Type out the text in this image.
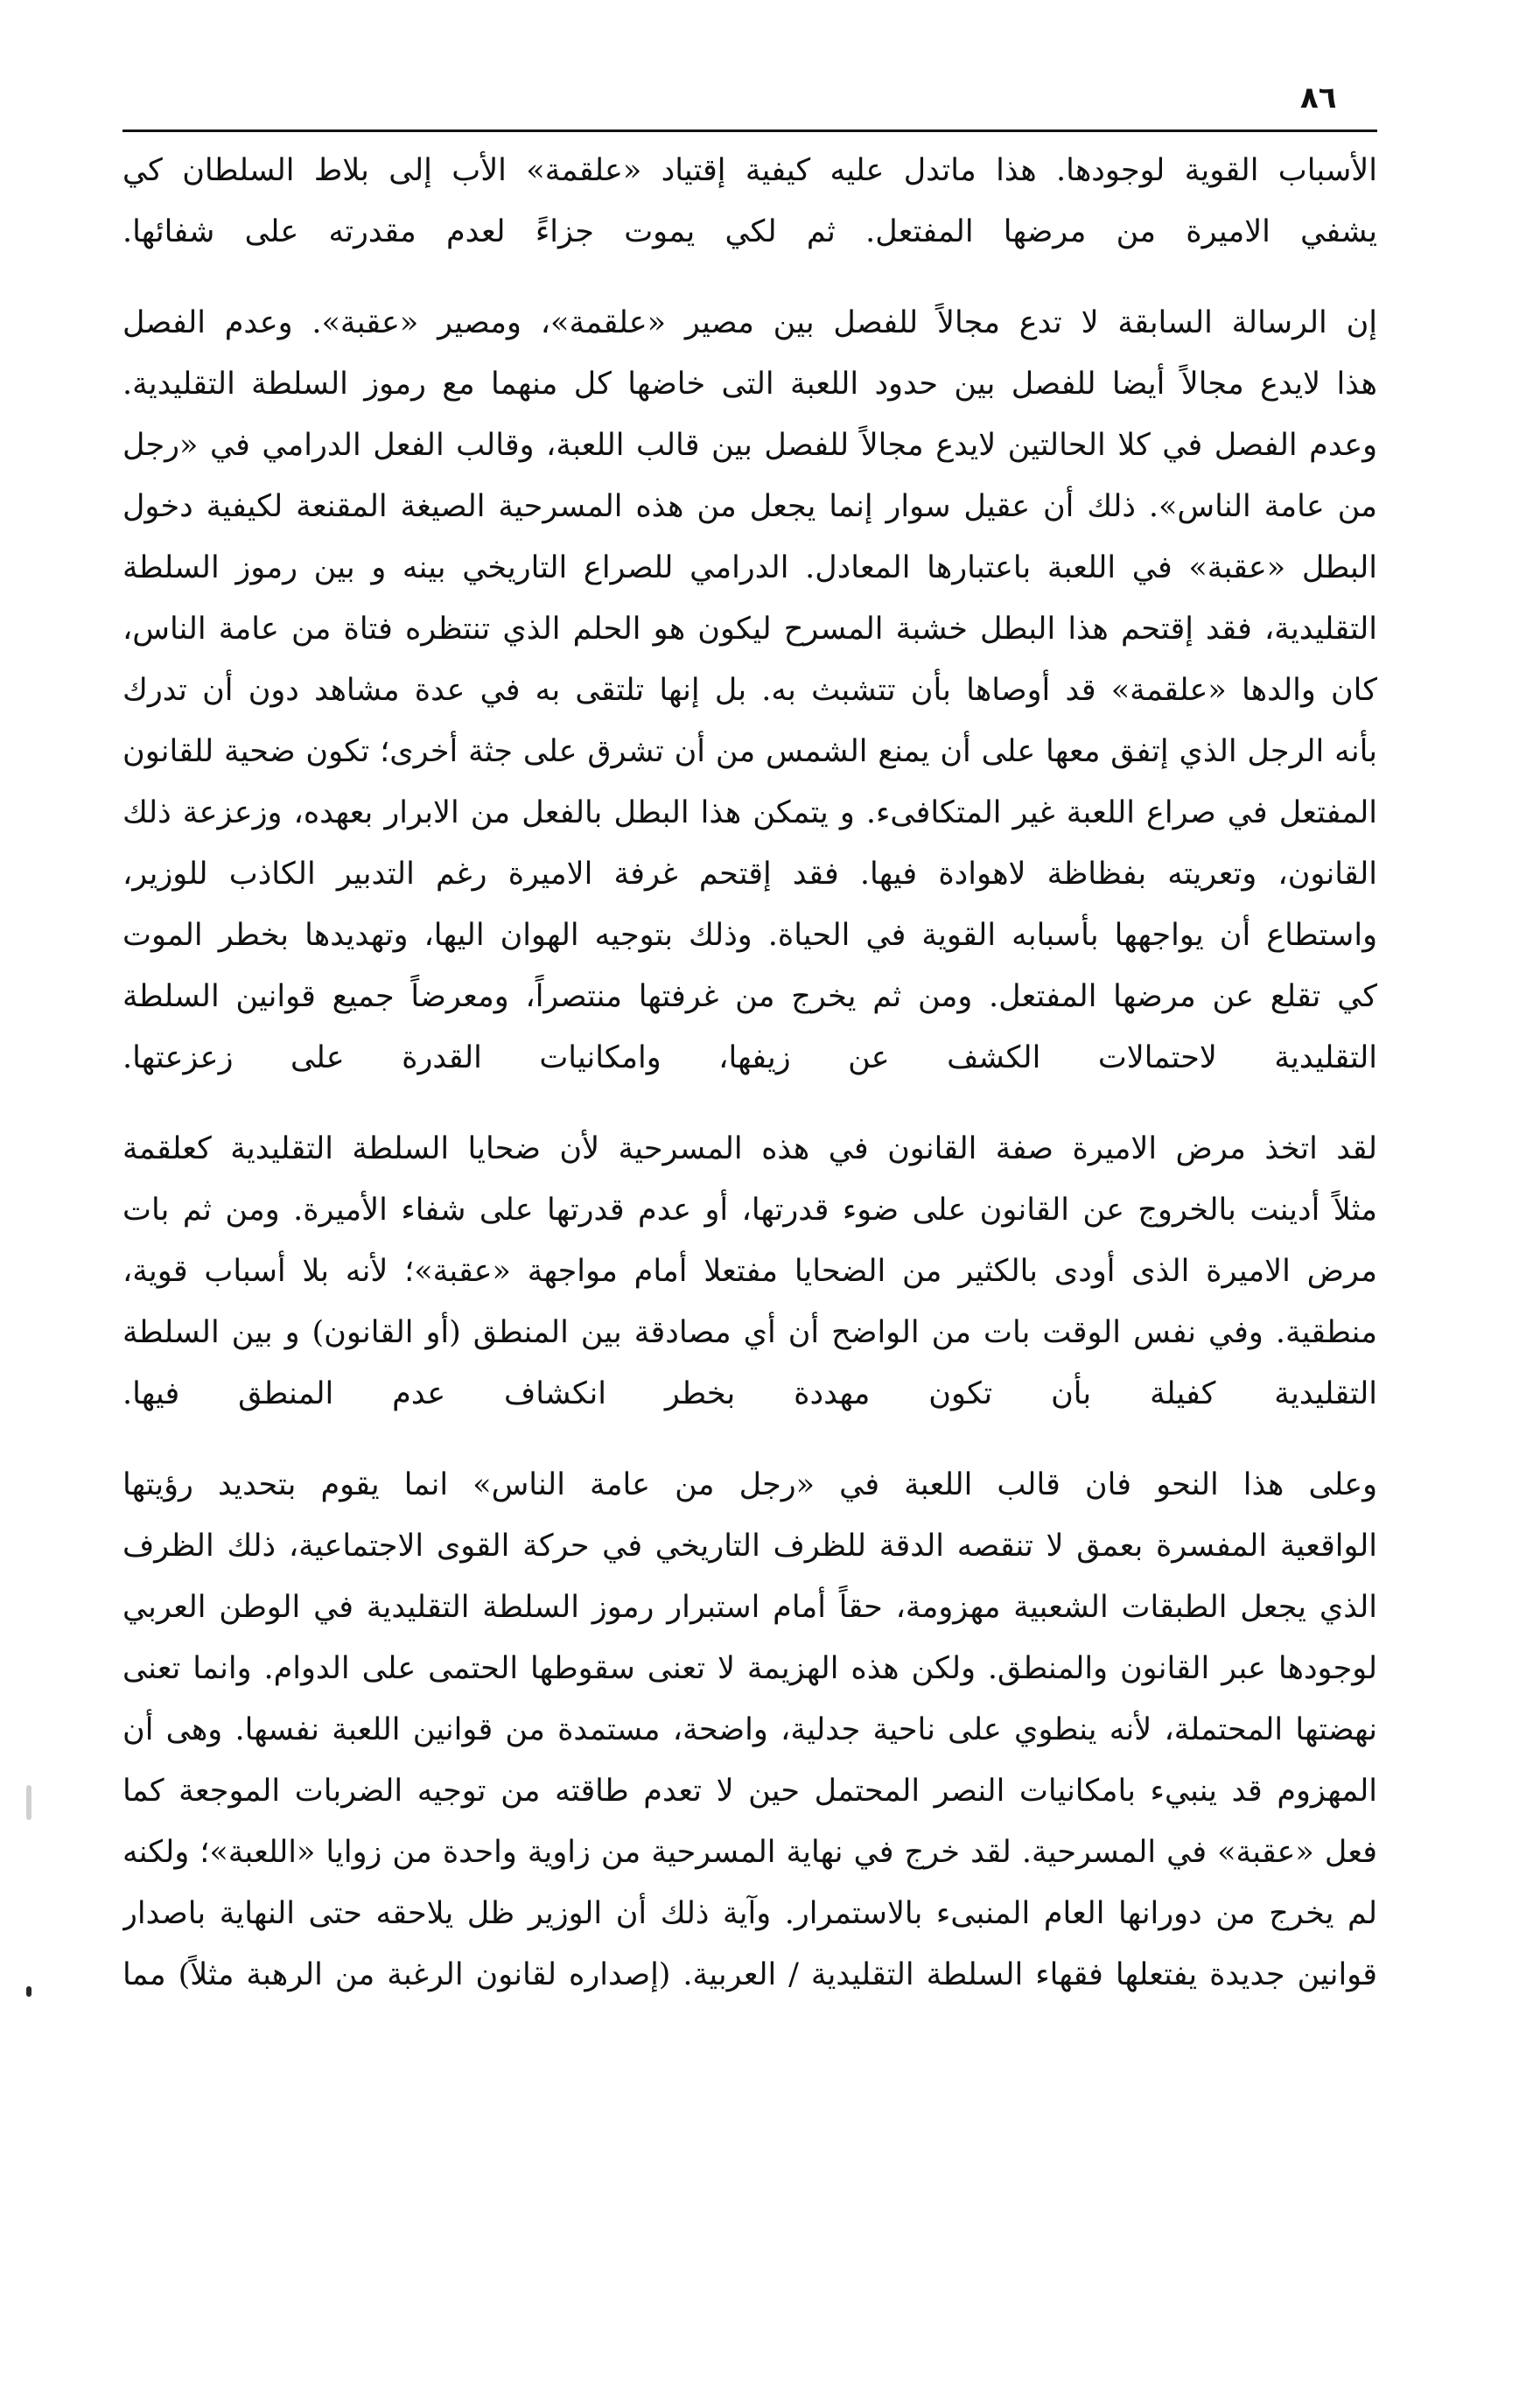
٨٦
الأسباب القوية لوجودها. هذا ماتدل عليه كيفية إقتياد «علقمة» الأب إلى بلاط السلطان كي
يشفي الاميرة من مرضها المفتعل. ثم لكي يموت جزاءً لعدم مقدرته على شفائها.
إن الرسالة السابقة لا تدع مجالاً للفصل بين مصير «علقمة»، ومصير «عقبة». وعدم الفصل
هذا لايدع مجالاً أيضا للفصل بين حدود اللعبة التى خاضها كل منهما مع رموز السلطة التقليدية.
وعدم الفصل في كلا الحالتين لايدع مجالاً للفصل بين قالب اللعبة، وقالب الفعل الدرامي في «رجل
من عامة الناس». ذلك أن عقيل سوار إنما يجعل من هذه المسرحية الصيغة المقنعة لكيفية دخول
البطل «عقبة» في اللعبة باعتبارها المعادل. الدرامي للصراع التاريخي بينه و بين رموز السلطة
التقليدية، فقد إقتحم هذا البطل خشبة المسرح ليكون هو الحلم الذي تنتظره فتاة من عامة الناس،
كان والدها «علقمة» قد أوصاها بأن تتشبث به. بل إنها تلتقى به في عدة مشاهد دون أن تدرك
بأنه الرجل الذي إتفق معها على أن يمنع الشمس من أن تشرق على جثة أخرى؛ تكون ضحية للقانون
المفتعل في صراع اللعبة غير المتكافىء. و يتمكن هذا البطل بالفعل من الابرار بعهده، وزعزعة ذلك
القانون، وتعريته بفظاظة لاهوادة فيها. فقد إقتحم غرفة الاميرة رغم التدبير الكاذب للوزير،
واستطاع أن يواجهها بأسبابه القوية في الحياة. وذلك بتوجيه الهوان اليها، وتهديدها بخطر الموت
كي تقلع عن مرضها المفتعل. ومن ثم يخرج من غرفتها منتصراً، ومعرضاً جميع قوانين السلطة
التقليدية لاحتمالات الكشف عن زيفها، وامكانيات القدرة على زعزعتها.
لقد اتخذ مرض الاميرة صفة القانون في هذه المسرحية لأن ضحايا السلطة التقليدية كعلقمة
مثلاً أدينت بالخروج عن القانون على ضوء قدرتها، أو عدم قدرتها على شفاء الأميرة. ومن ثم بات
مرض الاميرة الذى أودى بالكثير من الضحايا مفتعلا أمام مواجهة «عقبة»؛ لأنه بلا أسباب قوية،
منطقية. وفي نفس الوقت بات من الواضح أن أي مصادقة بين المنطق (أو القانون) و بين السلطة
التقليدية كفيلة بأن تكون مهددة بخطر انكشاف عدم المنطق فيها.
وعلى هذا النحو فان قالب اللعبة في «رجل من عامة الناس» انما يقوم بتحديد رؤيتها
الواقعية المفسرة بعمق لا تنقصه الدقة للظرف التاريخي في حركة القوى الاجتماعية، ذلك الظرف
الذي يجعل الطبقات الشعبية مهزومة، حقاً أمام استبرار رموز السلطة التقليدية في الوطن العربي
لوجودها عبر القانون والمنطق. ولكن هذه الهزيمة لا تعنى سقوطها الحتمى على الدوام. وانما تعنى
نهضتها المحتملة، لأنه ينطوي على ناحية جدلية، واضحة، مستمدة من قوانين اللعبة نفسها. وهى أن
المهزوم قد ينبيء بامكانيات النصر المحتمل حين لا تعدم طاقته من توجيه الضربات الموجعة كما
فعل «عقبة» في المسرحية. لقد خرج في نهاية المسرحية من زاوية واحدة من زوايا «اللعبة»؛ ولكنه
لم يخرج من دورانها العام المنبىء بالاستمرار. وآية ذلك أن الوزير ظل يلاحقه حتى النهاية باصدار
قوانين جديدة يفتعلها فقهاء السلطة التقليدية / العربية. (إصداره لقانون الرغبة من الرهبة مثلاً) مما
